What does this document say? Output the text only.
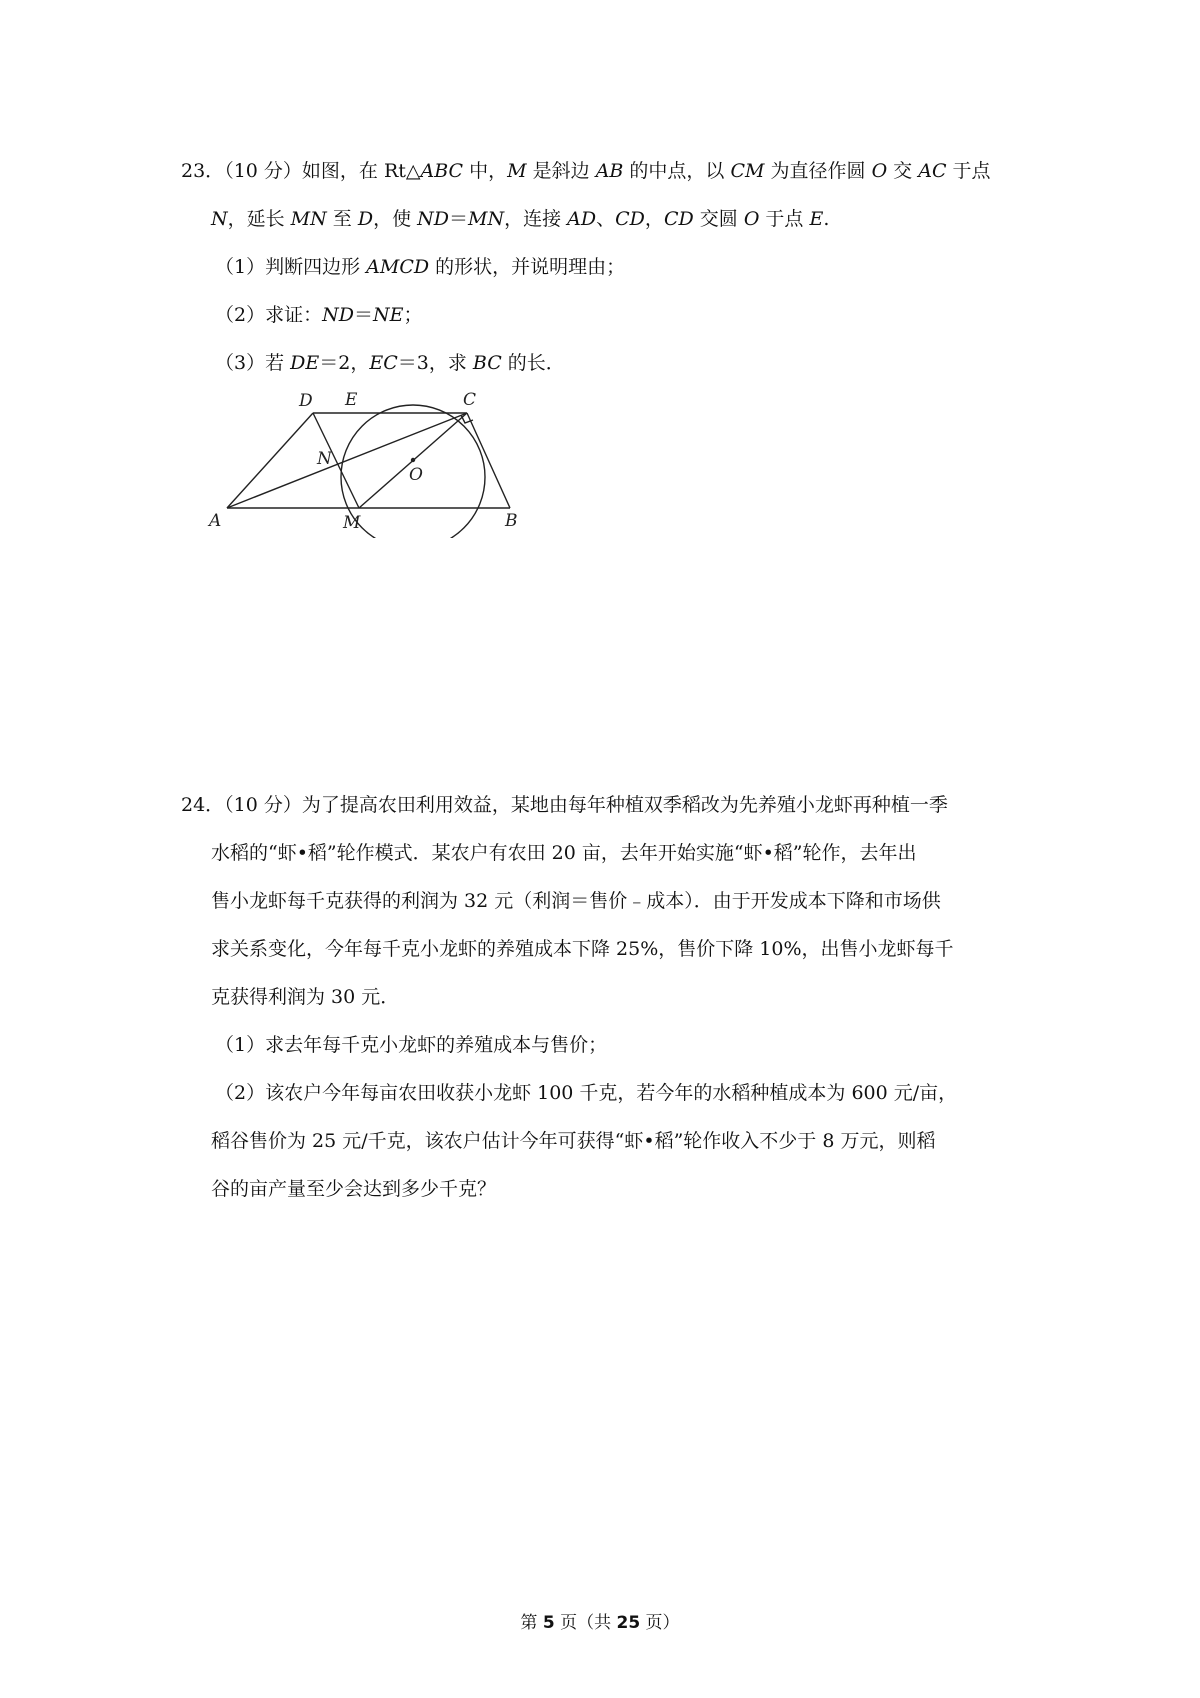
23．（10 分）如图，在 Rt△ABC 中，M 是斜边 AB 的中点，以 CM 为直径作圆 O 交 AC 于点
N，延长 MN 至 D，使 ND＝MN，连接 AD、CD，CD 交圆 O 于点 E.
（1）判断四边形 AMCD 的形状，并说明理由；
（2）求证：ND＝NE；
（3）若 DE＝2，EC＝3，求 BC 的长．
A	B
C
D E
M
N
O
24．（10 分）为了提高农田利用效益，某地由每年种植双季稻改为先养殖小龙虾再种植一季
水稻的“虾•稻”轮作模式．某农户有农田 20 亩，去年开始实施“虾•稻”轮作，去年出
售小龙虾每千克获得的利润为 32 元（利润＝售价﹣成本）．由于开发成本下降和市场供
求关系变化，今年每千克小龙虾的养殖成本下降 25%，售价下降 10%，出售小龙虾每千
克获得利润为 30 元．
（1）求去年每千克小龙虾的养殖成本与售价；
（2）该农户今年每亩农田收获小龙虾 100 千克，若今年的水稻种植成本为 600 元/亩，
稻谷售价为 25 元/千克，该农户估计今年可获得“虾•稻”轮作收入不少于 8 万元，则稻
谷的亩产量至少会达到多少千克？
第 5 页（共 25 页）
